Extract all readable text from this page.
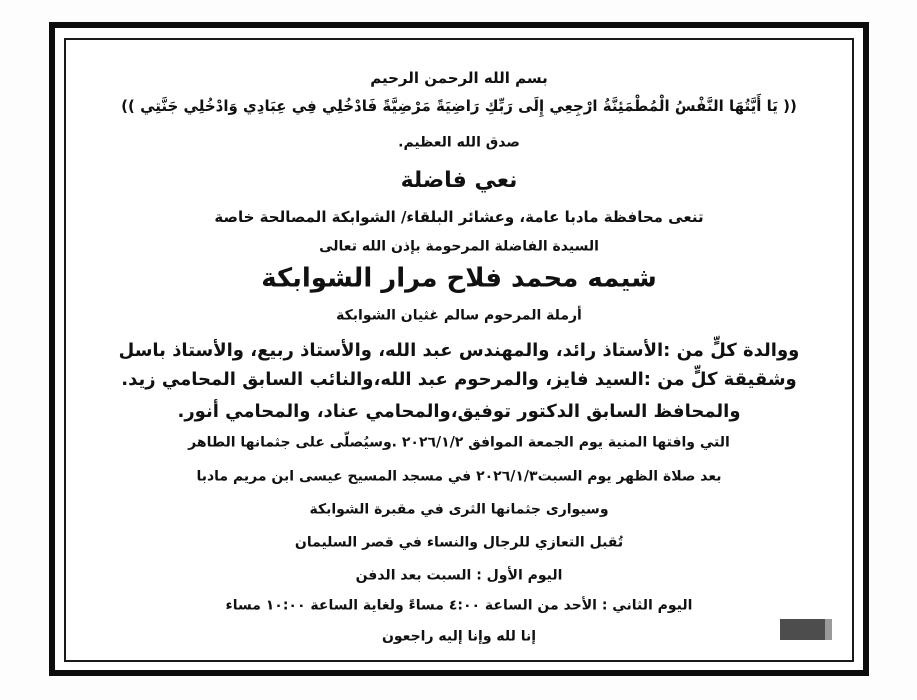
بسم الله الرحمن الرحيم
(( يَا أَيَّتُهَا النَّفْسُ الْمُطْمَئِنَّةُ ارْجِعِي إِلَى رَبِّكِ رَاضِيَةً مَرْضِيَّةً فَادْخُلِي فِي عِبَادِي وَادْخُلِي جَنَّتِي ))
صدق الله العظيم.
نعي فاضلة
تنعى محافظة مادبا عامة، وعشائر البلقاء/ الشوابكة المصالحة خاصة
السيدة الفاضلة المرحومة بإذن الله تعالى
شيمه محمد فلاح مرار الشوابكة
أرملة المرحوم سالم غثيان الشوابكة
ووالدة كلٍّ من :الأستاذ رائد، والمهندس عبد الله، والأستاذ ربيع، والأستاذ باسل
وشقيقة كلٍّ من :السيد فايز، والمرحوم عبد الله،والنائب السابق المحامي زيد.
والمحافظ السابق الدكتور توفيق،والمحامي عناد، والمحامي أنور.
التي وافتها المنية يوم الجمعة الموافق ٢٠٢٦/١/٢ .وسيُصلّى على جثمانها الطاهر
بعد صلاة الظهر يوم السبت٢٠٢٦/١/٣ في مسجد المسيح عيسى ابن مريم مادبا
وسيوارى جثمانها الثرى في مقبرة الشوابكة
تُقبل التعازي للرجال والنساء في قصر السليمان
اليوم الأول : السبت بعد الدفن
اليوم الثاني : الأحد من الساعة ٤:٠٠ مساءً ولغاية الساعة ١٠:٠٠ مساء
إنا لله وإنا إليه راجعون
